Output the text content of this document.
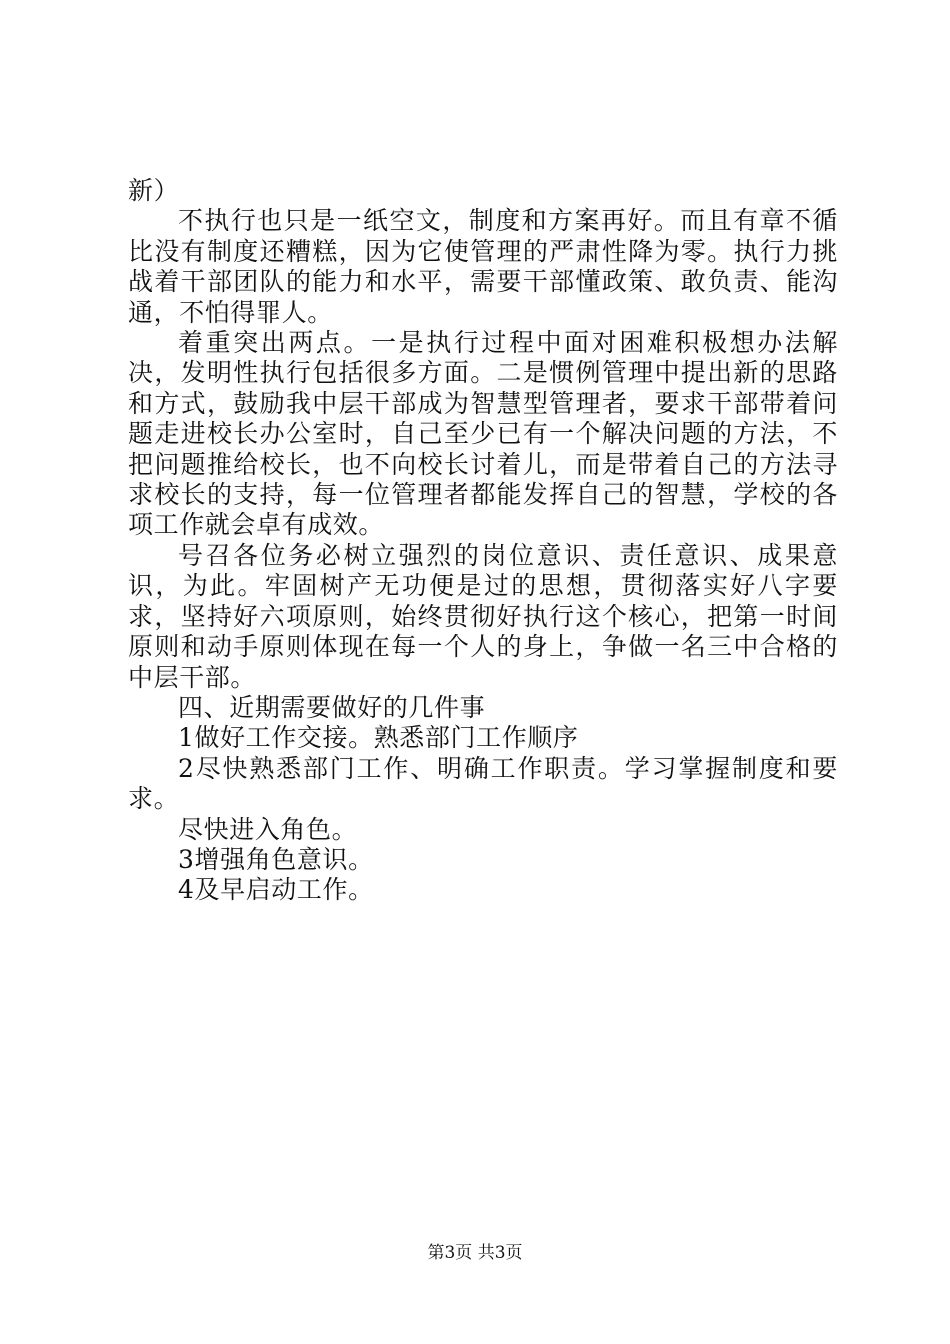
新）

不执行也只是一纸空文，制度和方案再好。而且有章不循比没有制度还糟糕，因为它使管理的严肃性降为零。执行力挑战着干部团队的能力和水平，需要干部懂政策、敢负责、能沟通，不怕得罪人。

着重突出两点。一是执行过程中面对困难积极想办法解决，发明性执行包括很多方面。二是惯例管理中提出新的思路和方式，鼓励我中层干部成为智慧型管理者，要求干部带着问题走进校长办公室时，自己至少已有一个解决问题的方法，不把问题推给校长，也不向校长讨着儿，而是带着自己的方法寻求校长的支持，每一位管理者都能发挥自己的智慧，学校的各项工作就会卓有成效。

号召各位务必树立强烈的岗位意识、责任意识、成果意识，为此。牢固树产无功便是过的思想，贯彻落实好八字要求，坚持好六项原则，始终贯彻好执行这个核心，把第一时间原则和动手原则体现在每一个人的身上，争做一名三中合格的中层干部。

四、近期需要做好的几件事

1做好工作交接。熟悉部门工作顺序

2尽快熟悉部门工作、明确工作职责。学习掌握制度和要求。

尽快进入角色。

3增强角色意识。

4及早启动工作。

第3页 共3页
